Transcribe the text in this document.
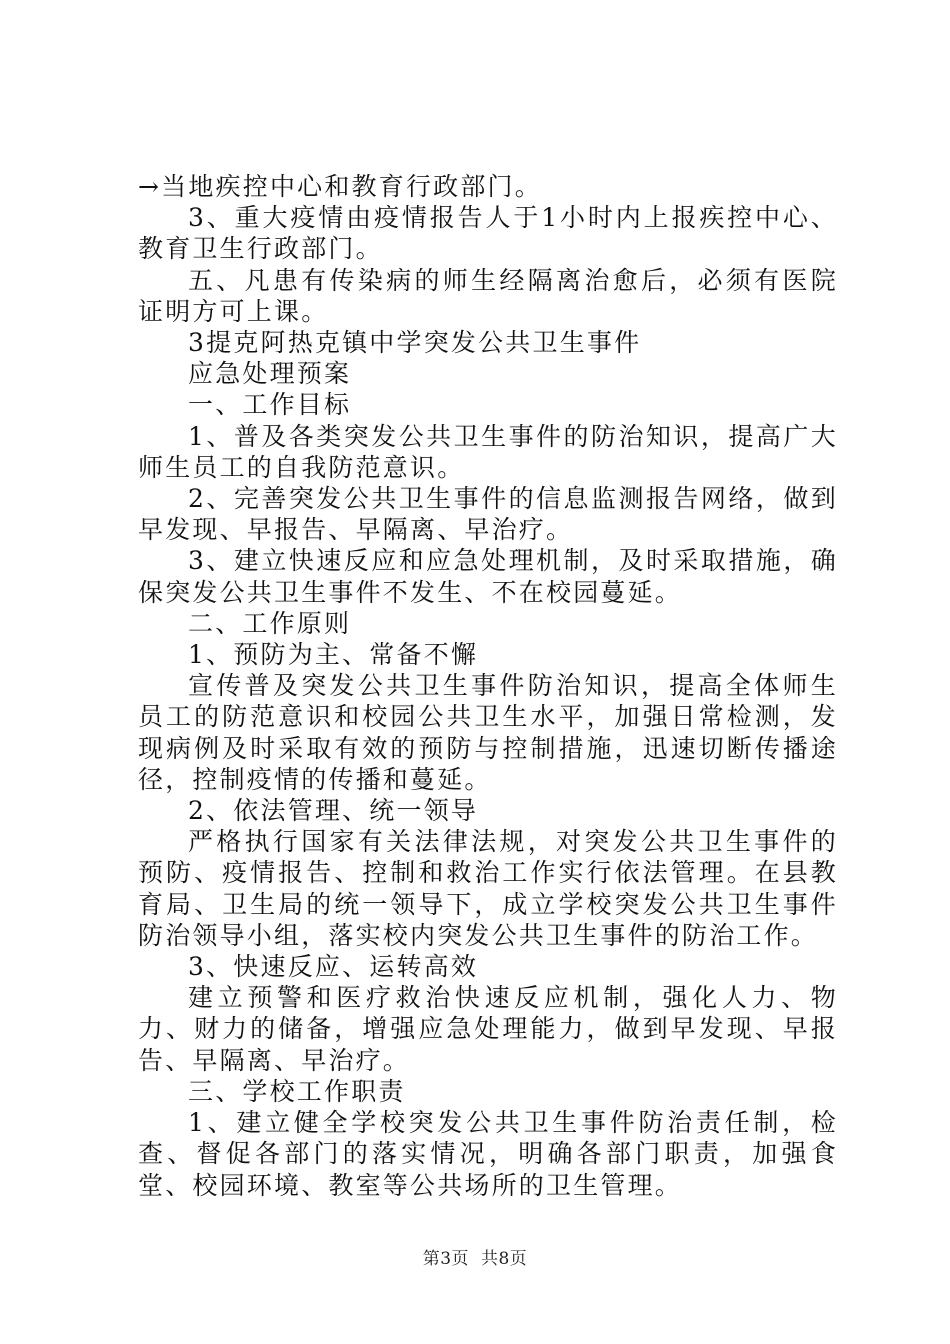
→当地疾控中心和教育行政部门。

3、重大疫情由疫情报告人于1小时内上报疾控中心、教育卫生行政部门。

五、凡患有传染病的师生经隔离治愈后，必须有医院证明方可上课。

3提克阿热克镇中学突发公共卫生事件

应急处理预案

一、工作目标

1、普及各类突发公共卫生事件的防治知识，提高广大师生员工的自我防范意识。

2、完善突发公共卫生事件的信息监测报告网络，做到早发现、早报告、早隔离、早治疗。

3、建立快速反应和应急处理机制，及时采取措施，确保突发公共卫生事件不发生、不在校园蔓延。

二、工作原则

1、预防为主、常备不懈

宣传普及突发公共卫生事件防治知识，提高全体师生员工的防范意识和校园公共卫生水平，加强日常检测，发现病例及时采取有效的预防与控制措施，迅速切断传播途径，控制疫情的传播和蔓延。

2、依法管理、统一领导

严格执行国家有关法律法规，对突发公共卫生事件的预防、疫情报告、控制和救治工作实行依法管理。在县教育局、卫生局的统一领导下，成立学校突发公共卫生事件防治领导小组，落实校内突发公共卫生事件的防治工作。

3、快速反应、运转高效

建立预警和医疗救治快速反应机制，强化人力、物力、财力的储备，增强应急处理能力，做到早发现、早报告、早隔离、早治疗。

三、学校工作职责

1、建立健全学校突发公共卫生事件防治责任制，检查、督促各部门的落实情况，明确各部门职责，加强食堂、校园环境、教室等公共场所的卫生管理。

第3页 共8页
